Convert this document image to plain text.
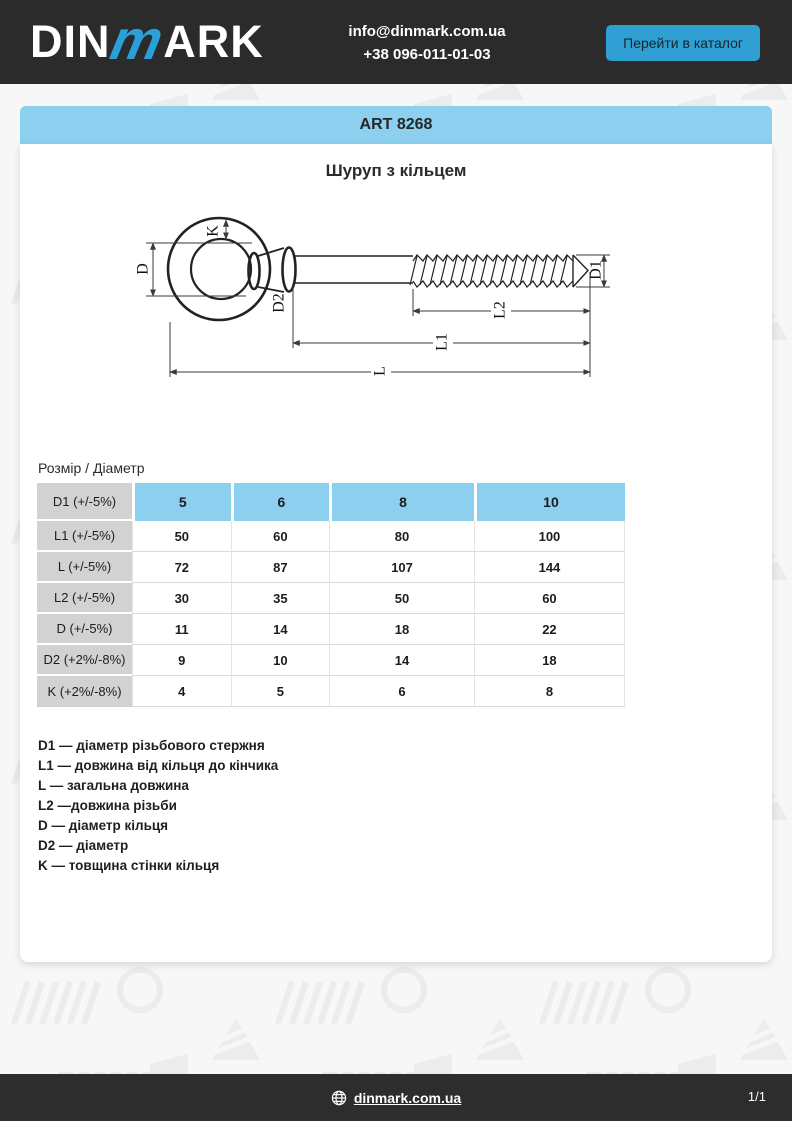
DINmARK	info@dinmark.com.ua
+38 096-011-01-03
Перейти в каталог
ART 8268
Шуруп з кільцем
K
D
D2
D1
L2
L1
L
Розмір / Діаметр
D1 (+/-5%)	5	6	8	10
L1 (+/-5%)	50	60	80	100
L (+/-5%)	72	87	107	144
L2 (+/-5%)	30	35	50	60
D (+/-5%)	11	14	18	22
D2 (+2%/-8%)	9	10	14	18
K (+2%/-8%)	4	5	6	8
D1 — діаметр різьбового стержня
L1 — довжина від кільця до кінчика
L — загальна довжина
L2 —довжина різьби
D — діаметр кільця
D2 — діаметр
K — товщина стінки кільця
dinmark.com.ua	1/1
